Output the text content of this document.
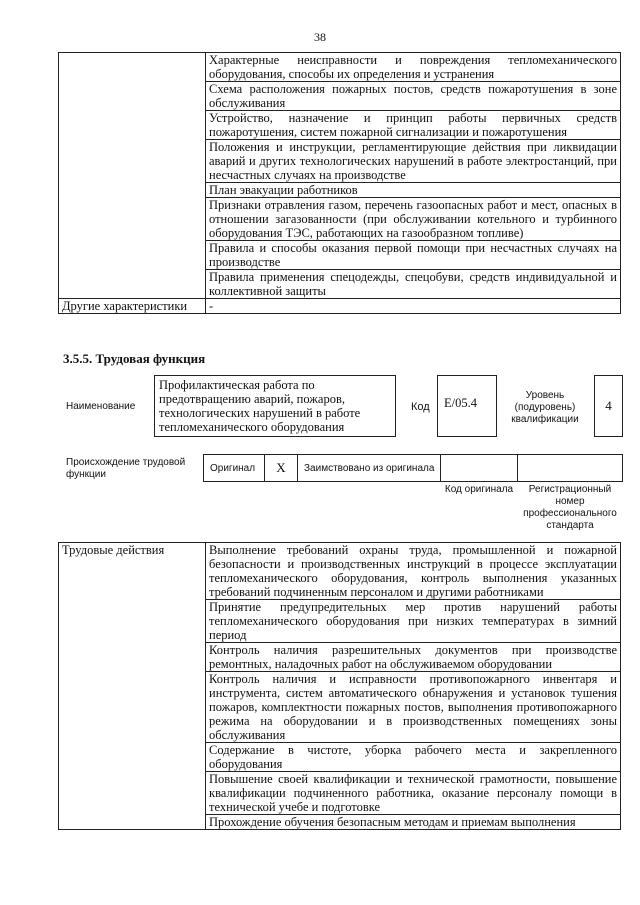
38
	Характерные неисправности и повреждения тепломеханического оборудования, способы их определения и устранения
	Схема расположения пожарных постов, средств пожаротушения в зоне обслуживания
	Устройство, назначение и принцип работы первичных средств пожаротушения, систем пожарной сигнализации и пожаротушения
	Положения и инструкции, регламентирующие действия при ликвидации аварий и других технологических нарушений в работе электростанций, при несчастных случаях на производстве
	План эвакуации работников
	Признаки отравления газом, перечень газоопасных работ и мест, опасных в отношении загазованности (при обслуживании котельного и турбинного оборудования ТЭС, работающих на газообразном топливе)
	Правила и способы оказания первой помощи при несчастных случаях на производстве
	Правила применения спецодежды, спецобуви, средств индивидуальной и коллективной защиты
Другие характеристики	-
3.5.5. Трудовая функция
Наименование
Профилактическая работа по предотвращению аварий, пожаров, технологических нарушений в работе тепломеханического оборудования
Код	E/05.4
Уровень (подуровень) квалификации
4
Происхождение трудовой функции
Оригинал	X	Заимствовано из оригинала
Код оригинала	Регистрационный номер профессионального стандарта
Трудовые действия	Выполнение требований охраны труда, промышленной и пожарной безопасности и производственных инструкций в процессе эксплуатации тепломеханического оборудования, контроль выполнения указанных требований подчиненным персоналом и другими работниками
Принятие предупредительных мер против нарушений работы тепломеханического оборудования при низких температурах в зимний период
Контроль наличия разрешительных документов при производстве ремонтных, наладочных работ на обслуживаемом оборудовании
Контроль наличия и исправности противопожарного инвентаря и инструмента, систем автоматического обнаружения и установок тушения пожаров, комплектности пожарных постов, выполнения противопожарного режима на оборудовании и в производственных помещениях зоны обслуживания
Содержание в чистоте, уборка рабочего места и закрепленного оборудования
Повышение своей квалификации и технической грамотности, повышение квалификации подчиненного работника, оказание персоналу помощи в технической учебе и подготовке
Прохождение обучения безопасным методам и приемам выполнения
